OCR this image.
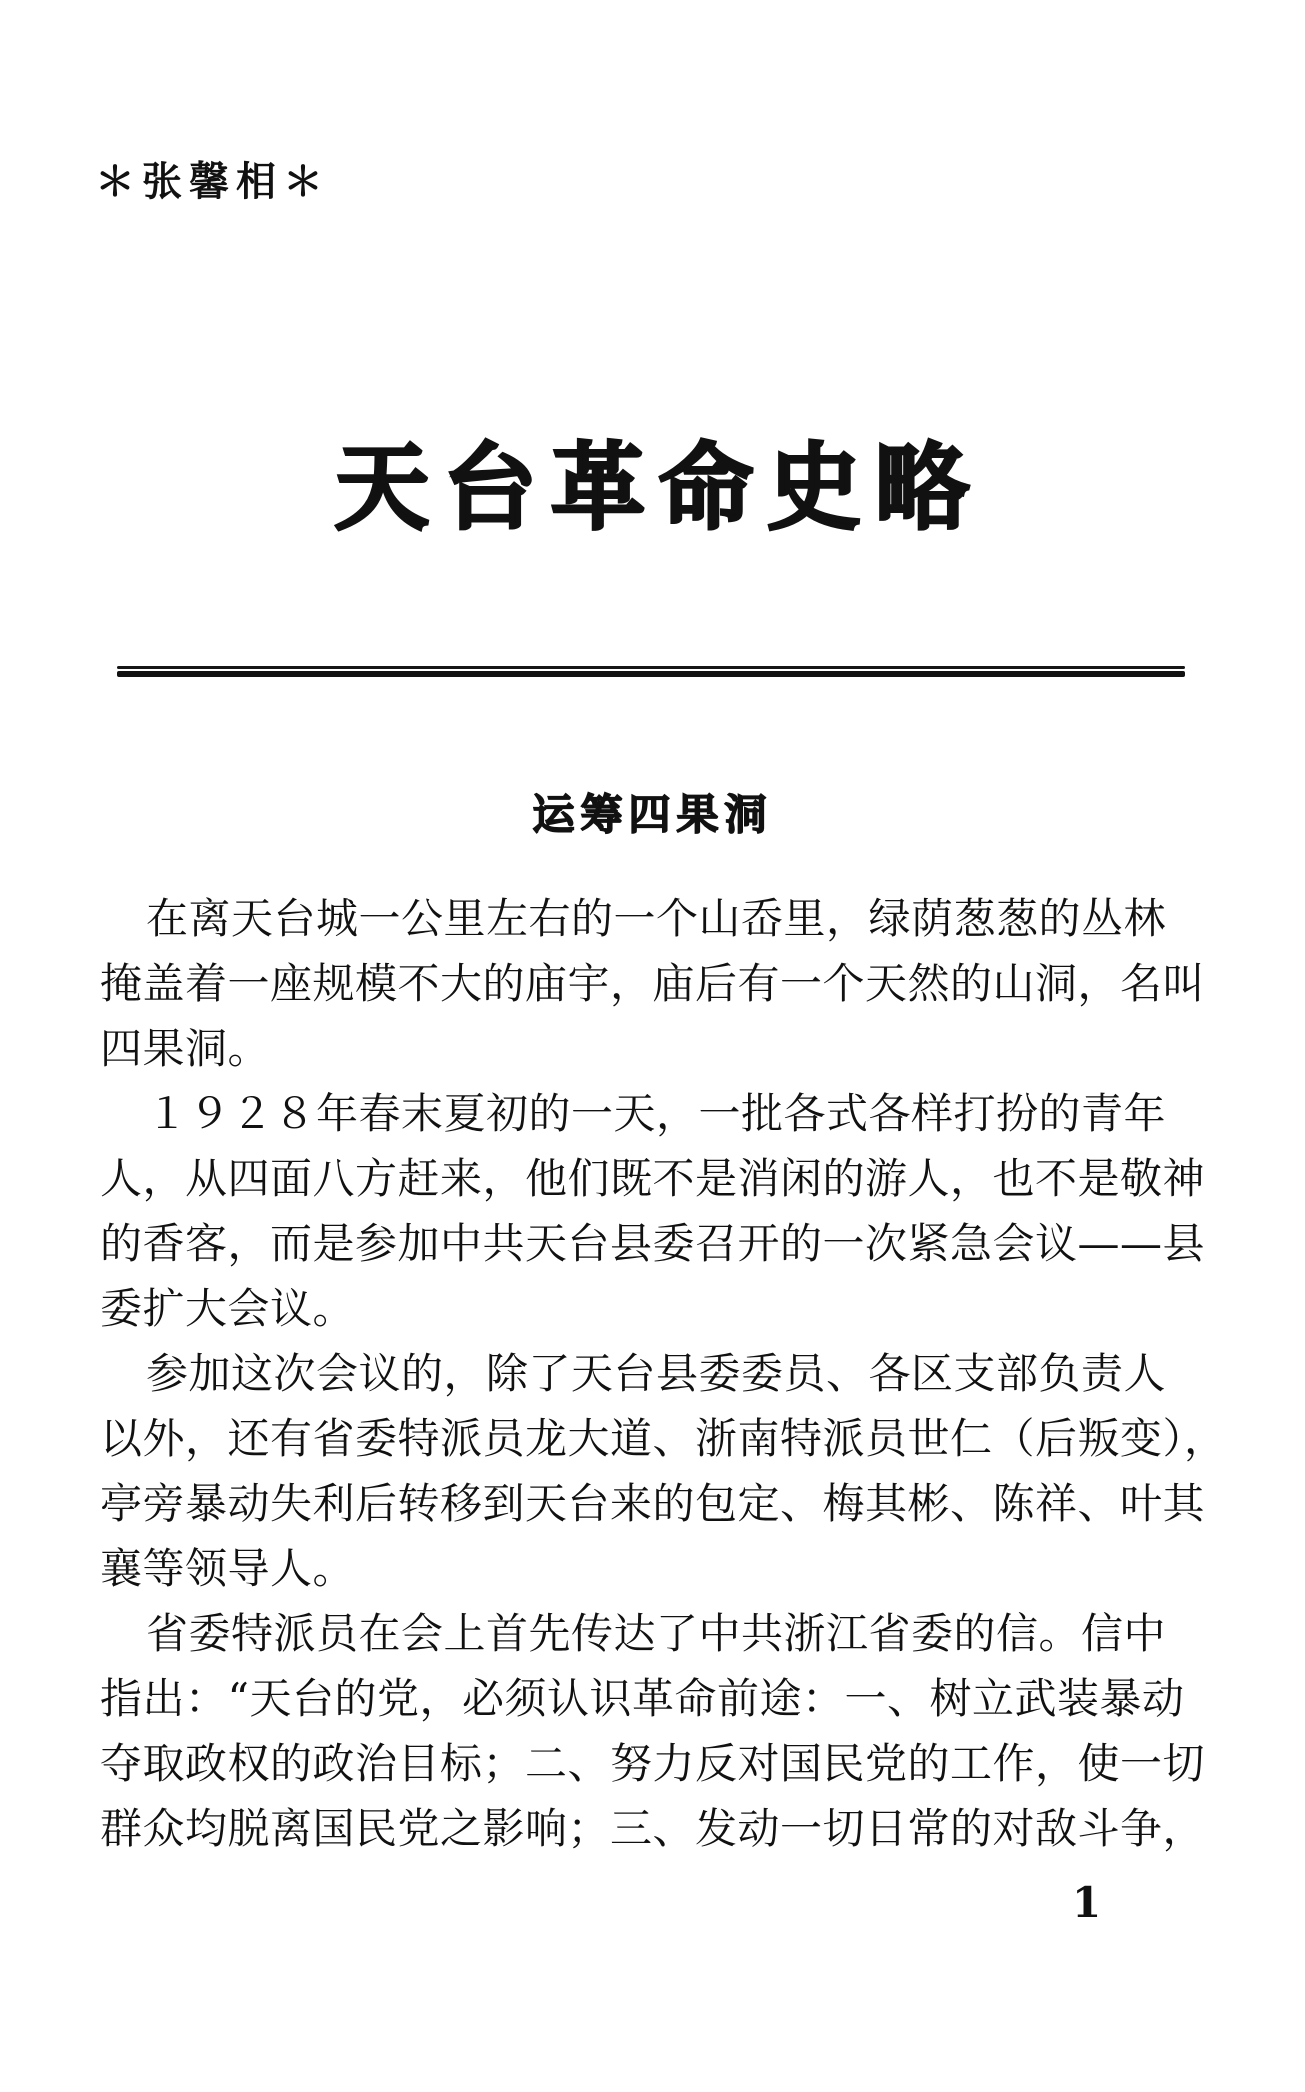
＊张馨相＊
天台革命史略
运筹四果洞
在离天台城一公里左右的一个山岙里，绿荫葱葱的丛林
掩盖着一座规模不大的庙宇，庙后有一个天然的山洞，名叫
四果洞。
１９２８年春末夏初的一天，一批各式各样打扮的青年
人，从四面八方赶来，他们既不是消闲的游人，也不是敬神
的香客，而是参加中共天台县委召开的一次紧急会议——县
委扩大会议。
参加这次会议的，除了天台县委委员、各区支部负责人
以外，还有省委特派员龙大道、浙南特派员世仁（后叛变），
亭旁暴动失利后转移到天台来的包定、梅其彬、陈祥、叶其
襄等领导人。
省委特派员在会上首先传达了中共浙江省委的信。信中
指出：“天台的党，必须认识革命前途：一、树立武装暴动
夺取政权的政治目标；二、努力反对国民党的工作，使一切
群众均脱离国民党之影响；三、发动一切日常的对敌斗争，
1
